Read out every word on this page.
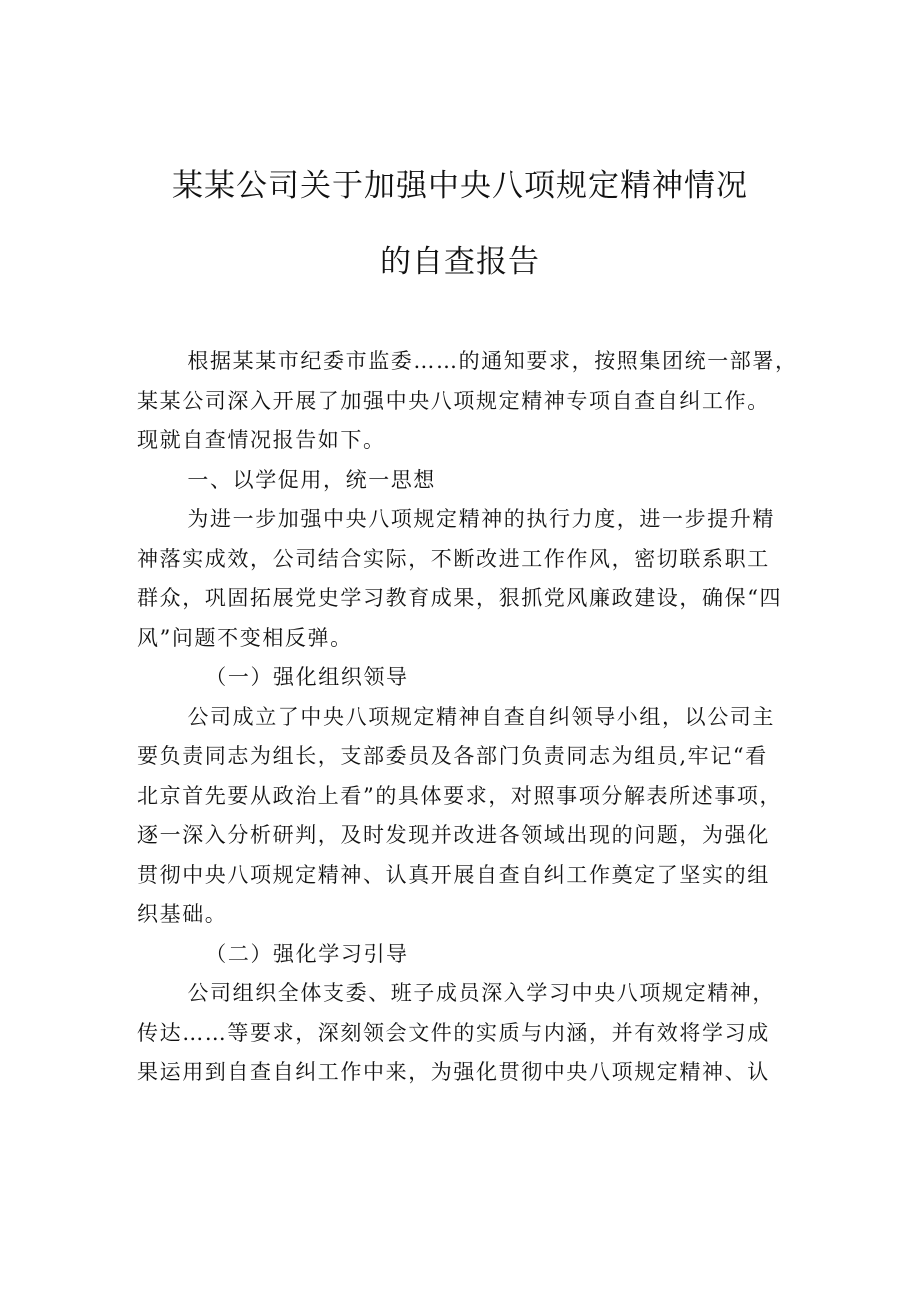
某某公司关于加强中央八项规定精神情况
的自查报告

根据某某市纪委市监委……的通知要求，按照集团统一部署，
某某公司深入开展了加强中央八项规定精神专项自查自纠工作。
现就自查情况报告如下。

一、以学促用，统一思想

为进一步加强中央八项规定精神的执行力度，进一步提升精
神落实成效，公司结合实际，不断改进工作作风，密切联系职工
群众，巩固拓展党史学习教育成果，狠抓党风廉政建设，确保“四
风”问题不变相反弹。

（一）强化组织领导

公司成立了中央八项规定精神自查自纠领导小组，以公司主
要负责同志为组长，支部委员及各部门负责同志为组员,牢记“看
北京首先要从政治上看”的具体要求，对照事项分解表所述事项，
逐一深入分析研判，及时发现并改进各领域出现的问题，为强化
贯彻中央八项规定精神、认真开展自查自纠工作奠定了坚实的组
织基础。

（二）强化学习引导

公司组织全体支委、班子成员深入学习中央八项规定精神，
传达……等要求，深刻领会文件的实质与内涵，并有效将学习成
果运用到自查自纠工作中来，为强化贯彻中央八项规定精神、认
